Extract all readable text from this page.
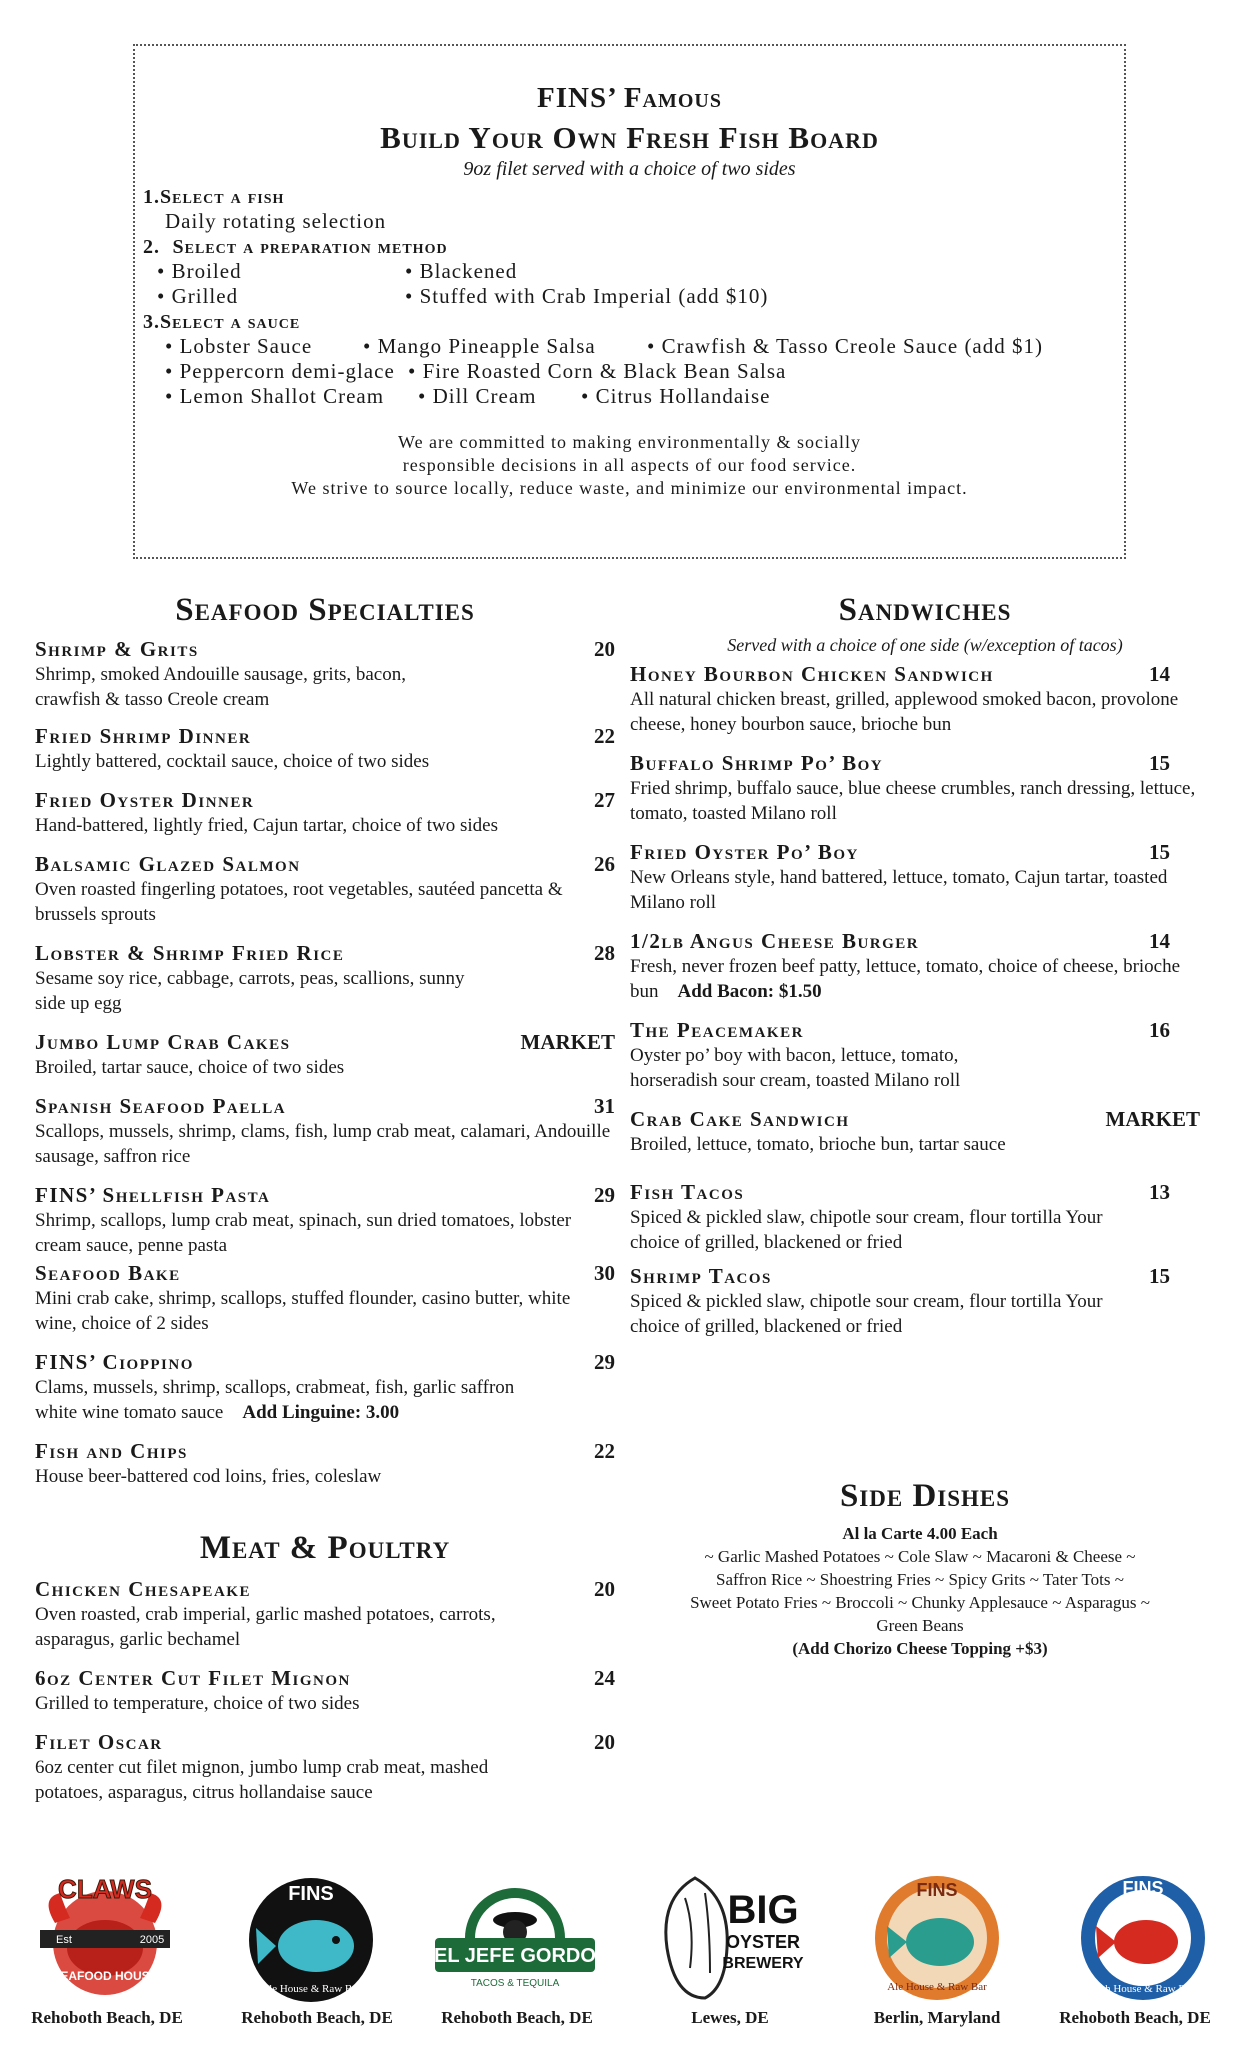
FINS’ Famous
Build Your Own Fresh Fish Board
9oz filet served with a choice of two sides
1.Select a fish
Daily rotating selection
2. Select a preparation method
• Broiled	• Blackened
• Grilled	• Stuffed with Crab Imperial (add $10)
3.Select a sauce
• Lobster Sauce • Mango Pineapple Salsa • Crawfish & Tasso Creole Sauce (add $1)
• Peppercorn demi-glace • Fire Roasted Corn & Black Bean Salsa
• Lemon Shallot Cream • Dill Cream • Citrus Hollandaise
We are committed to making environmentally & socially
responsible decisions in all aspects of our food service.
We strive to source locally, reduce waste, and minimize our environmental impact.
Seafood Specialties
Shrimp & Grits	20
Shrimp, smoked Andouille sausage, grits, bacon, crawfish & tasso Creole cream
Fried Shrimp Dinner	22
Lightly battered, cocktail sauce, choice of two sides
Fried Oyster Dinner	27
Hand-battered, lightly fried, Cajun tartar, choice of two sides
Balsamic Glazed Salmon	26
Oven roasted fingerling potatoes, root vegetables, sautéed pancetta & brussels sprouts
Lobster & Shrimp Fried Rice	28
Sesame soy rice, cabbage, carrots, peas, scallions, sunny side up egg
Jumbo Lump Crab Cakes	MARKET
Broiled, tartar sauce, choice of two sides
Spanish Seafood Paella	31
Scallops, mussels, shrimp, clams, fish, lump crab meat, calamari, Andouille sausage, saffron rice
FINS’ Shellfish Pasta	29
Shrimp, scallops, lump crab meat, spinach, sun dried tomatoes, lobster cream sauce, penne pasta
Seafood Bake	30
Mini crab cake, shrimp, scallops, stuffed flounder, casino butter, white wine, choice of 2 sides
FINS’ Cioppino	29
Clams, mussels, shrimp, scallops, crabmeat, fish, garlic saffron white wine tomato sauce Add Linguine: 3.00
Fish and Chips	22
House beer-battered cod loins, fries, coleslaw
Meat & Poultry
Chicken Chesapeake	20
Oven roasted, crab imperial, garlic mashed potatoes, carrots, asparagus, garlic bechamel
6oz Center Cut Filet Mignon	24
Grilled to temperature, choice of two sides
Filet Oscar	20
6oz center cut filet mignon, jumbo lump crab meat, mashed potatoes, asparagus, citrus hollandaise sauce
Sandwiches
Served with a choice of one side (w/exception of tacos)
Honey Bourbon Chicken Sandwich	14
All natural chicken breast, grilled, applewood smoked bacon, provolone cheese, honey bourbon sauce, brioche bun
Buffalo Shrimp Po’ Boy	15
Fried shrimp, buffalo sauce, blue cheese crumbles, ranch dressing, lettuce, tomato, toasted Milano roll
Fried Oyster Po’ Boy	15
New Orleans style, hand battered, lettuce, tomato, Cajun tartar, toasted Milano roll
1/2lb Angus Cheese Burger	14
Fresh, never frozen beef patty, lettuce, tomato, choice of cheese, brioche bun Add Bacon: $1.50
The Peacemaker	16
Oyster po’ boy with bacon, lettuce, tomato, horseradish sour cream, toasted Milano roll
Crab Cake Sandwich	MARKET
Broiled, lettuce, tomato, brioche bun, tartar sauce
Fish Tacos	13
Spiced & pickled slaw, chipotle sour cream, flour tortilla Your choice of grilled, blackened or fried
Shrimp Tacos	15
Spiced & pickled slaw, chipotle sour cream, flour tortilla Your choice of grilled, blackened or fried
Side Dishes
Al la Carte 4.00 Each
~ Garlic Mashed Potatoes ~ Cole Slaw ~ Macaroni & Cheese ~
Saffron Rice ~ Shoestring Fries ~ Spicy Grits ~ Tater Tots ~
Sweet Potato Fries ~ Broccoli ~ Chunky Applesauce ~ Asparagus ~
Green Beans
(Add Chorizo Cheese Topping +$3)
CLAWS
Est	2005
SEAFOOD HOUSE
Rehoboth Beach, DE
FINS
Ale House & Raw Bar
Rehoboth Beach, DE
EL JEFE GORDO
TACOS & TEQUILA
Rehoboth Beach, DE
BIG
OYSTER
BREWERY
Lewes, DE
FINS
Ale House & Raw Bar
Berlin, Maryland
FINS
Fish House & Raw Bar
Rehoboth Beach, DE
